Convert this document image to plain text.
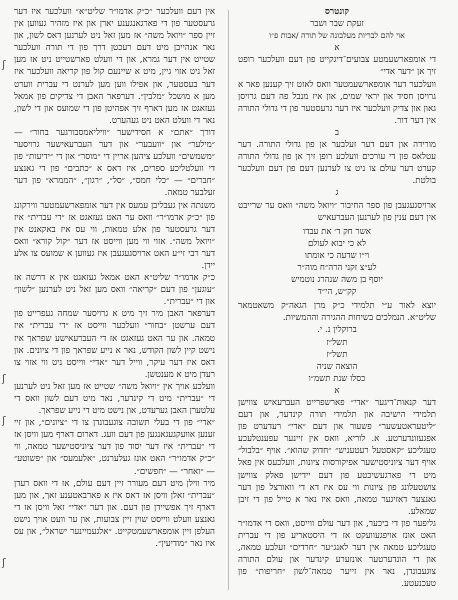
קונטרס
זעקת שבר ושבר
אוי להם לבריות מעלבונה של תורה /אבות פ״ו
א

די אומפארשעמטע צבועים־דיגקייט פון דעם וועלכער רופט זיך אן ״דער אדי״

וועלכער דער אומפארשעמטער וואס לאזט זיך קענען פאר א גרויסן חסיד און יראי שמים, און איז מנבל פה דעם גרויסן גאון און צדיק וועלכער איז דער גרעסטער פון די גדולי התורה אין דער דור.

ב

מורידה און דעם דער זעלבער אן פון גדולי התורה. דער עטלאס פון די עורכים וועלכע רופן זיך אן פון גדולי התורה קערט דער עולם צו ניט צו לערנען דעם פון דעם וועלכער בולטת.

ג

ארויסגעגעבן פון ספר החיבור ״ויואל משה״ וואס ער שרייבט אין דעם ענין פון לערנען העברעאיש

אשר חק ד׳ את עבדו
לא כי יבוא לעולם
וי״ו שדעה כי אומתו
לע״צ זקני הרה״ח מוה״ר
יוסף בן משה שנהרג נוטמיש
קק״ש, הי״ד

יוצא לאור ע״י תלמידי כ״ק מרן הגאה״ק משאטמאר שליט״א. הנמלכים בשיחות ההגירה וההמשיות.

ברוקלין נ. י.
תשל״ז
תשל״ז
הוצאה שניה
כסלו שנת תשמ״ו
א

דער קנאות־דיגער ״אדי״ פארשפרייט העברעאיש צווישן תלמידי הישיבה און תלמידי תורה קינדער, און דעם ״ליטעראטעשער״ פשעור און דעם ״אדי״ רעדערט פון אפגעזונדערטע. א. לוריא, וואס אין זיינער עפענטלעכע טעגליכע ״קאסטעל רעטעניש״ ״חדוק שהוא״. אויף ״בלבול״ אויף דער ציוניסטישער אפיקורסות ציונות, וועלכעס אין פאל מיט די פארגעשיכטע פון דעם יידישן פאלק צווישן צושטעלונג פון ציונות ווי עס איז דא די וואורצל פון דער גאנצער דאזיגער טמאה, וואס איז נאר א טייל פון די זיבן שמאלע.

גליפער פון די ביכער, און דער עולם ווייסט, וואס די אדמו״ר האט אונז אויפגעוועקט אז די היסטאריע פון די עברית טעגליכע טמאה אין דער לאנג״ער ״חרדים״ זעלבע טמאה, און די הונדערטער אונזערע קינדער און עולם התורה צוגעבונדן, נאר אין זייער טמאה־לשון ״חריפות״ פון טעכנעטע.

אין דעם וועלכער ״כ״ק אדמו״ר שליט״א״ וועלכער איז דער גרעסטער פון די פארגאנגענע יארן און איז מזהיר געווען אין זיין ספר ״ויואל משה״ אז מען זאל ניט לערנען דאס לשון, און נאר אנהייבן מיט דעם רעכטן דרך פון די תורה וועלכער שטייט אין דער גמרא, און די וועלט פארשטייט ניט אז מען זאל ניט אזוי גיין, מיט א שיינעם קול פון קריאה וועלכער איז דער בעסטער, און אפילו ווען מען לערנט די עברית ווערט מען א מושכל ״מלבין״. דערפאר האבן די צדיקים פון אמאל געזאגט אז מען דארף זיך אפהיטן פון די שמועס און די לשון, נאר די וועלט האט ניט געהערט.

דורך ״אתם״ א חסידישער ״וויליאמסבורגער בחור״ — ״מילער״ און ״וועבער״ און דער העברעאישער גרויסער ״משמשים״ וועלכע ציהען אריין די ״מוסר״ און די ״ידיעות״ פון די וועלטליכע ספרים, איז דאס א ״כתבים״ פון די גאנצע ״חברים״ — ״כלי חמס״, ״סל״, ״רגון״, ״הממרא״ פון דער זעלבער טמאה.

משנתה אין געבליבן עמעס אין דער אומפארשעמטער ווירקונג פון ״כ״ק אדמו״ר״ וואס ער האט געזאגט אז ״די עברית״ איז דער גרעסטער פון אלע טמאות, ווי עס איז באקאנט אין ״ויואל משה״. אזוי ווי מען ווייסט אז דער ״קול קורא״ וואס דער רבי זי״ע האט ארויסגעגעבן איז געווען א שמועס צו אלע יידן.

כ״ק אדמו״ר שליט״א האט אמאל געזאגט אין א דרשה אז ״עוגען״ פון דעם ״קריאה״ וואס מען זאל ניט לערנען ״לשון״ און די ״עברית״.

דערפאר האבן מיר זיך מיט א גרויסער שמחה געפרייט פון דעם ערשטן ״בחור״ וועלכער ווייסט אז ״די עברית״ איז טמאה. און ער האט געזאגט אז די העברעאישע שפראך איז נישט קיין לשון הקודש, נאר א נייע שפראך פון די ציונים. און דאס איז דער עיקר, ווייל דער ״אדי״ ווייסט ניט ווי אזוי צו רעדן מיט א מענטשן.

וועלכע אויך אין ״ויואל משה״ שטייט אז מען זאל ניט לערנען די ״עברית״ מיט די קינדער, נאר מיט דעם לשון וואס די עלטערן האבן גערעדט, און נישט מיט די נייע שפראך.

״אדי״ פון די בעלי תשובה צוגעבונדן צו די ״ציונים״, און זיי זענען אוועקגעגאנגען פון דעם וועג. דארום דארף מען וויסן אז די ״עברית״ איז דער יסוד פון דער ציוניסטישער טמאה, ווי ״כ״ק אדמו״ר״ האט אונז געלערנט, ״אלעמעס״ און ״פשוטע״ — ״ואחר״ — ״חפשים״.

מיר ווילן מיט דעם מעורר זיין דעם עולם, אז די וואס רעדן ״עברית״ זאלן וויסן אז דאס איז א פארבאטענע זאך, און מען דארף זיך אפשיידן פון דעם. און דער ״אדי״ זאל וויסן אז די גאנצע וועלט ווייסט שוין זיין צבועות, און ער וועט אויך נישט העלפן זיין אומפארשעמטקייט. ״אלגעמיינער ישראל״, און עס איז נאר ״מודיעין״.

ʃ
ʃ
ʃ
ʃ
